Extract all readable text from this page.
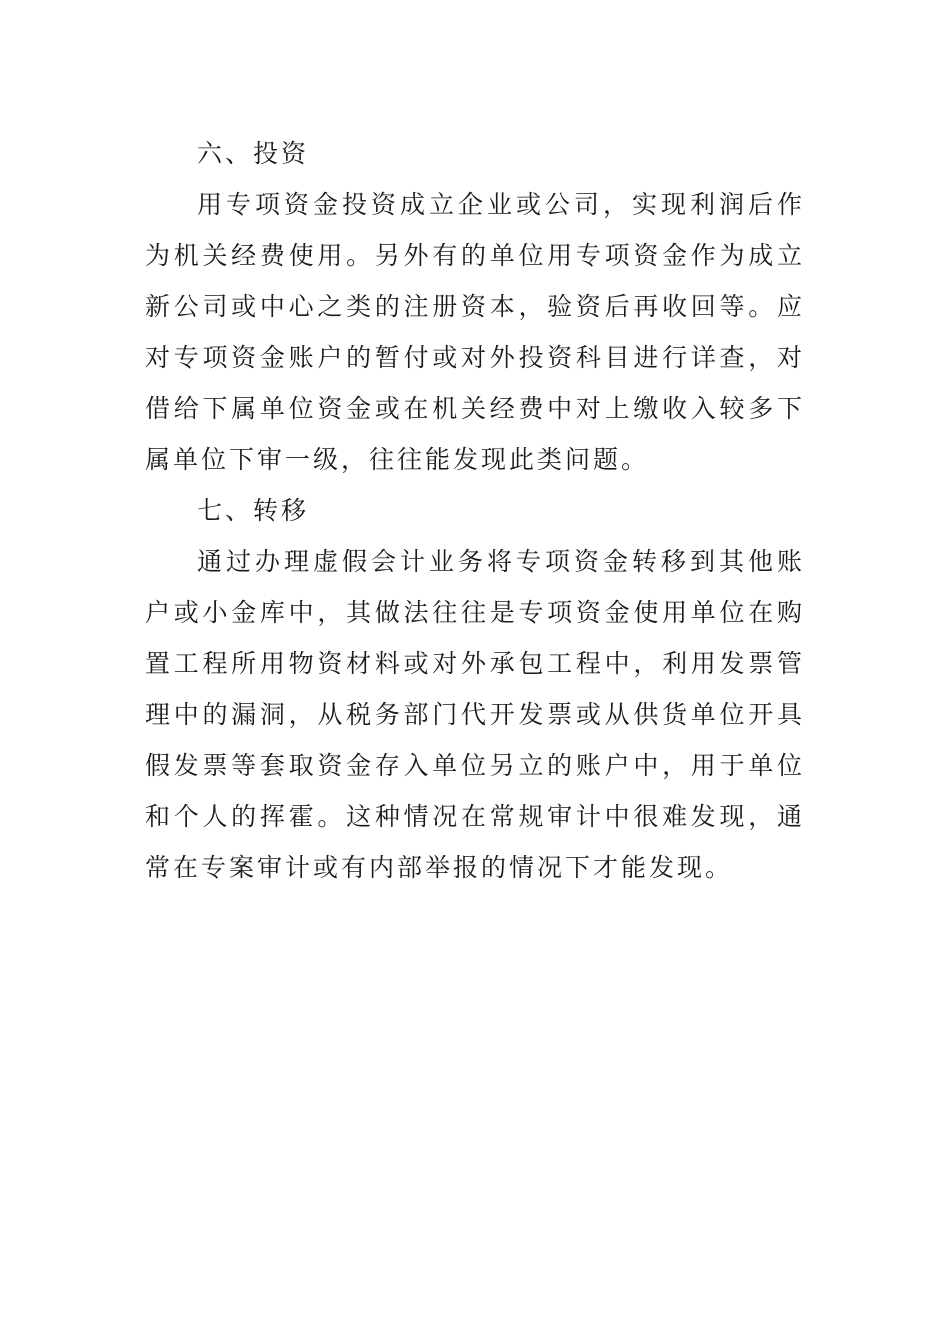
六、投资

用专项资金投资成立企业或公司，实现利润后作为机关经费使用。另外有的单位用专项资金作为成立新公司或中心之类的注册资本，验资后再收回等。应对专项资金账户的暂付或对外投资科目进行详查，对借给下属单位资金或在机关经费中对上缴收入较多下属单位下审一级，往往能发现此类问题。

七、转移

通过办理虚假会计业务将专项资金转移到其他账户或小金库中，其做法往往是专项资金使用单位在购置工程所用物资材料或对外承包工程中，利用发票管理中的漏洞，从税务部门代开发票或从供货单位开具假发票等套取资金存入单位另立的账户中，用于单位和个人的挥霍。这种情况在常规审计中很难发现，通常在专案审计或有内部举报的情况下才能发现。
